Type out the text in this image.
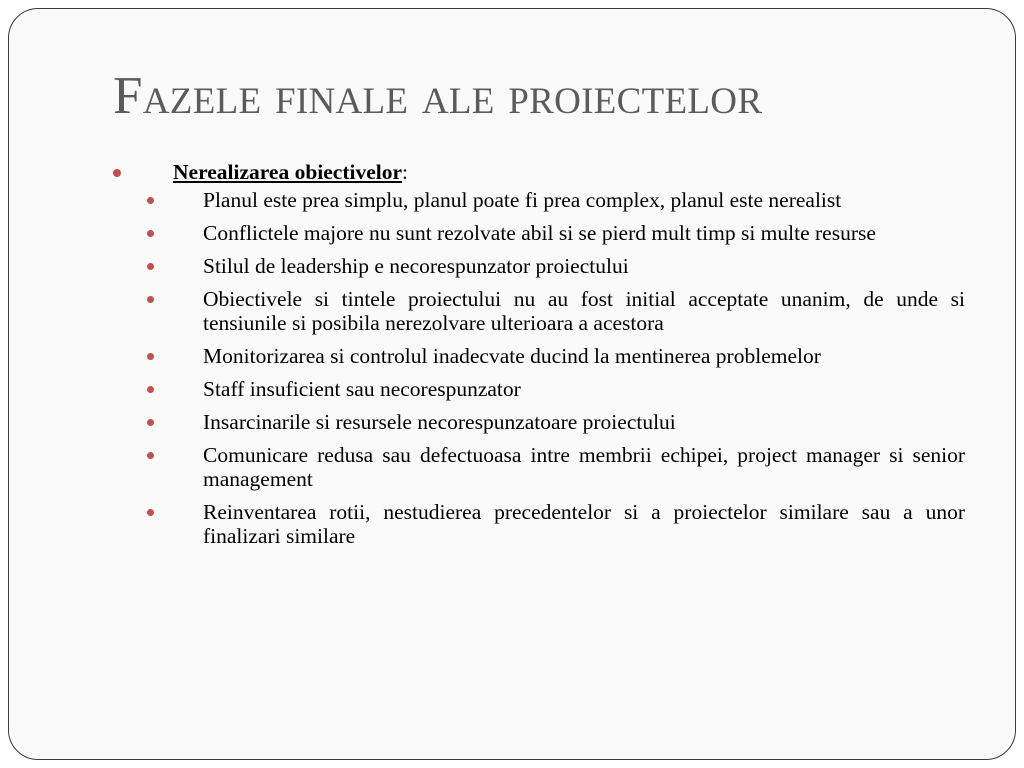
Fazele finale ale proiectelor
Nerealizarea obiectivelor:
Planul este prea simplu, planul poate fi prea complex, planul este nerealist
Conflictele majore nu sunt rezolvate abil si se pierd mult timp si multe resurse
Stilul de leadership e necorespunzator proiectului
Obiectivele si tintele proiectului nu au fost initial acceptate unanim, de unde si tensiunile si posibila nerezolvare ulterioara a acestora
Monitorizarea si controlul inadecvate ducind la mentinerea problemelor
Staff insuficient sau necorespunzator
Insarcinarile si resursele necorespunzatoare proiectului
Comunicare redusa sau defectuoasa intre membrii echipei, project manager si senior management
Reinventarea rotii, nestudierea precedentelor si a proiectelor similare sau a unor finalizari similare
